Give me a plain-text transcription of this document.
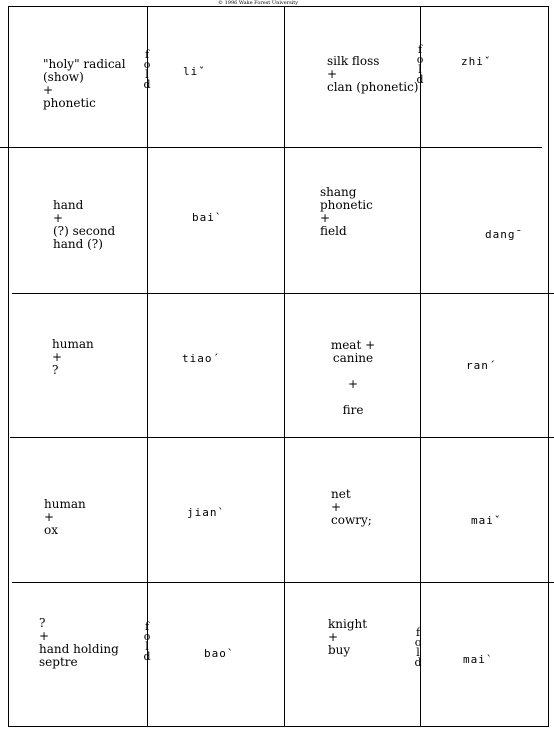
© 1996 Wake Forest University
"holy" radical
(show)
+
phonetic
liˇ
silk floss
+
clan (phonetic)
zhiˇ
hand
+
(?) second
hand (?)
bai`
shang
phonetic
+
field	dang¯
human
+
?
tiao´
meat + canine

+

fire
ran´
human
+
ox
jian`
net
+
cowry;	maiˇ
?
+
hand holding
septre
bao`
knight
+
buy
mai`
f
o
l
d
f
o
l
d
f
o
l
d
f
o
l
d
